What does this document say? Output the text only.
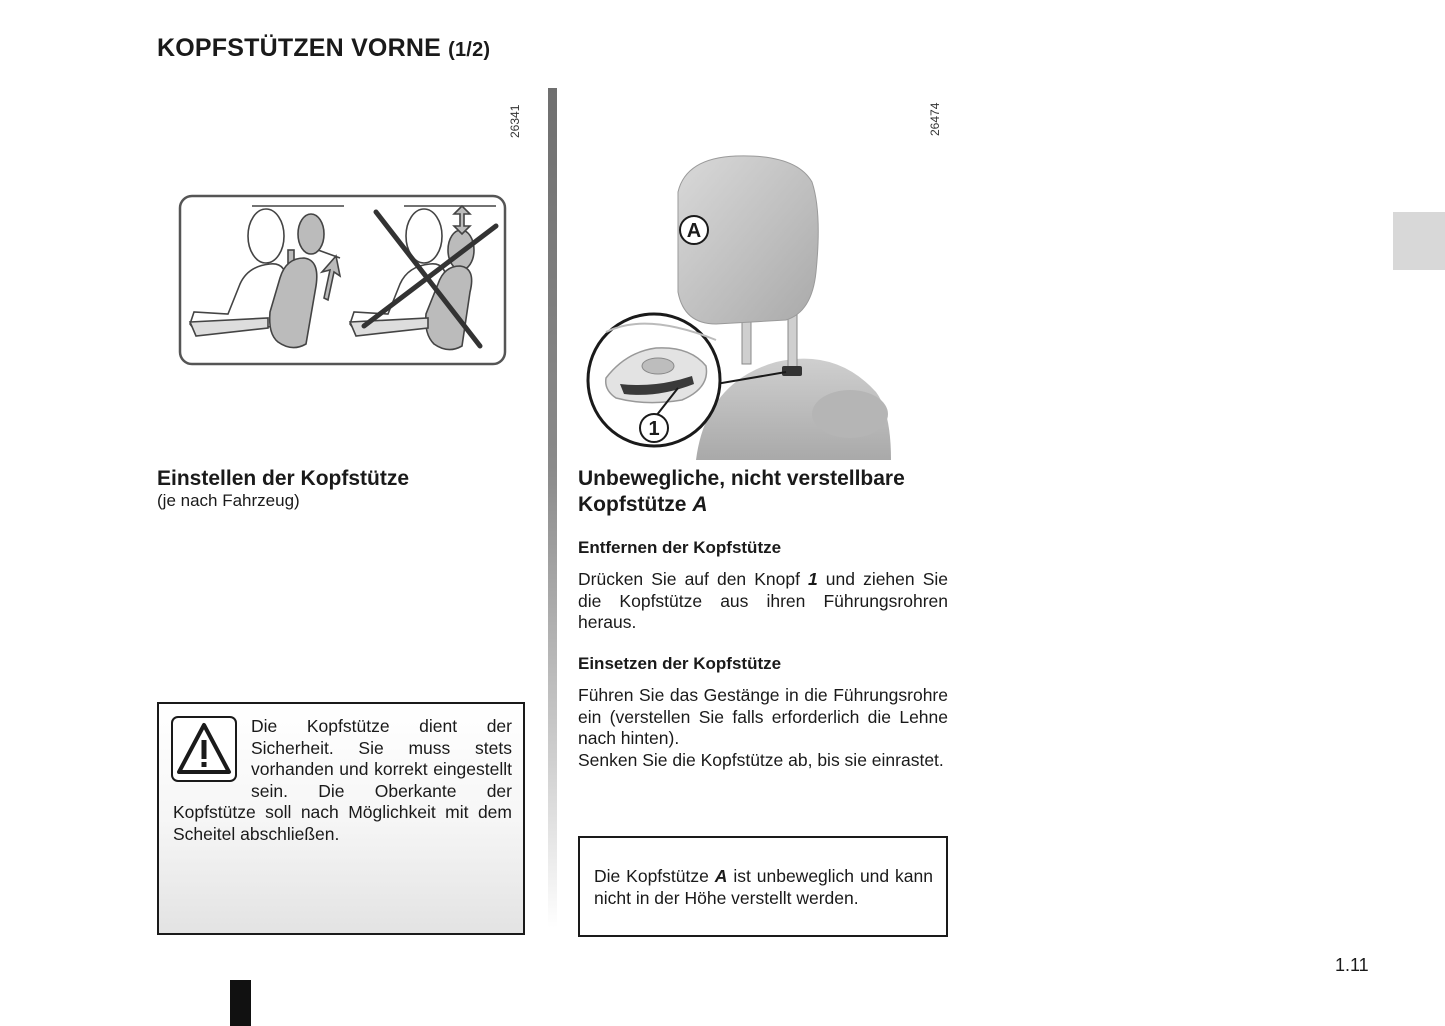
KOPFSTÜTZEN VORNE (1/2)
26341
Einstellen der Kopfstütze
(je nach Fahrzeug)
Die Kopfstütze dient der Sicherheit. Sie muss stets vorhanden und korrekt eingestellt sein. Die Oberkante der Kopfstütze soll nach Möglichkeit mit dem Scheitel abschließen.
26474
A
1
Unbewegliche, nicht verstellbare
Kopfstütze A
Entfernen der Kopfstütze
Drücken Sie auf den Knopf 1 und ziehen Sie die Kopfstütze aus ihren Führungsrohren heraus.
Einsetzen der Kopfstütze
Führen Sie das Gestänge in die Führungsrohre ein (verstellen Sie falls erforderlich die Lehne nach hinten).
Senken Sie die Kopfstütze ab, bis sie einrastet.
Die Kopfstütze A ist unbeweglich und kann nicht in der Höhe verstellt werden.
1.11
